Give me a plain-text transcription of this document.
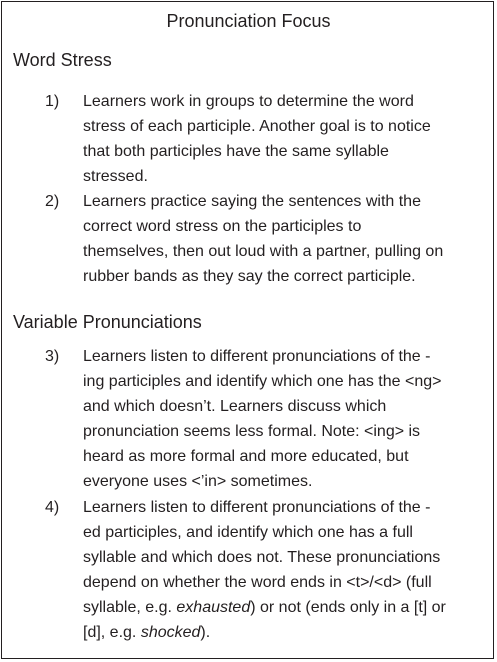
Pronunciation Focus
Word Stress
1)	Learners work in groups to determine the word
stress of each participle. Another goal is to notice
that both participles have the same syllable
stressed.
2)	Learners practice saying the sentences with the
correct word stress on the participles to
themselves, then out loud with a partner, pulling on
rubber bands as they say the correct participle.
Variable Pronunciations
3)	Learners listen to different pronunciations of the -
ing participles and identify which one has the <ng>
and which doesn’t. Learners discuss which
pronunciation seems less formal. Note: <ing> is
heard as more formal and more educated, but
everyone uses <’in> sometimes.
4)	Learners listen to different pronunciations of the -
ed participles, and identify which one has a full
syllable and which does not. These pronunciations
depend on whether the word ends in <t>/<d> (full
syllable, e.g. exhausted) or not (ends only in a [t] or
[d], e.g. shocked).
